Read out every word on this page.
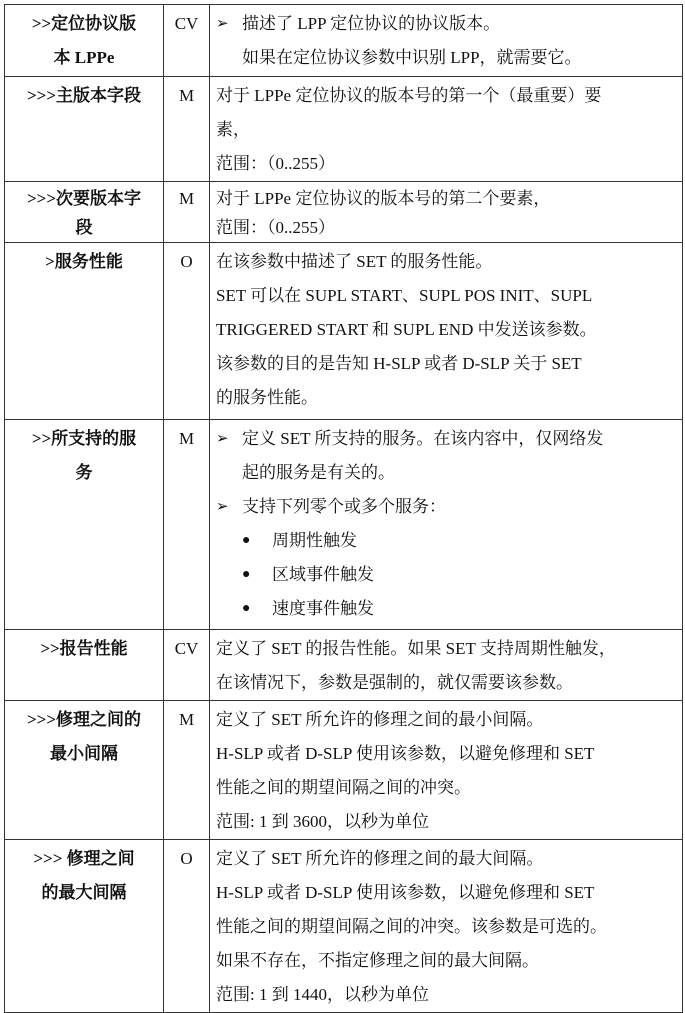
>>定位协议版
本 LPPe	CV	➢ 描述了 LPP 定位协议的协议版本。
如果在定位协议参数中识别 LPP，就需要它。

>>>主版本字段	M	对于 LPPe 定位协议的版本号的第一个（最重要）要
素，
范围：（0..255）

>>>次要版本字
段	M	对于 LPPe 定位协议的版本号的第二个要素，
范围：（0..255）

>服务性能	O	在该参数中描述了 SET 的服务性能。
SET 可以在 SUPL START、SUPL POS INIT、SUPL
TRIGGERED START 和 SUPL END 中发送该参数。
该参数的目的是告知 H-SLP 或者 D-SLP 关于 SET
的服务性能。

>>所支持的服
务
	M	➢ 定义 SET 所支持的服务。在该内容中，仅网络发
起的服务是有关的。
➢ 支持下列零个或多个服务：
●	周期性触发
●	区域事件触发
●	速度事件触发

>>报告性能	CV	定义了 SET 的报告性能。如果 SET 支持周期性触发，
在该情况下，参数是强制的，就仅需要该参数。

>>>修理之间的
最小间隔	M	定义了 SET 所允许的修理之间的最小间隔。
H-SLP 或者 D-SLP 使用该参数，以避免修理和 SET
性能之间的期望间隔之间的冲突。
范围: 1 到 3600，以秒为单位

>>> 修理之间
的最大间隔	O	定义了 SET 所允许的修理之间的最大间隔。
H-SLP 或者 D-SLP 使用该参数，以避免修理和 SET
性能之间的期望间隔之间的冲突。该参数是可选的。
如果不存在，不指定修理之间的最大间隔。
范围: 1 到 1440，以秒为单位
